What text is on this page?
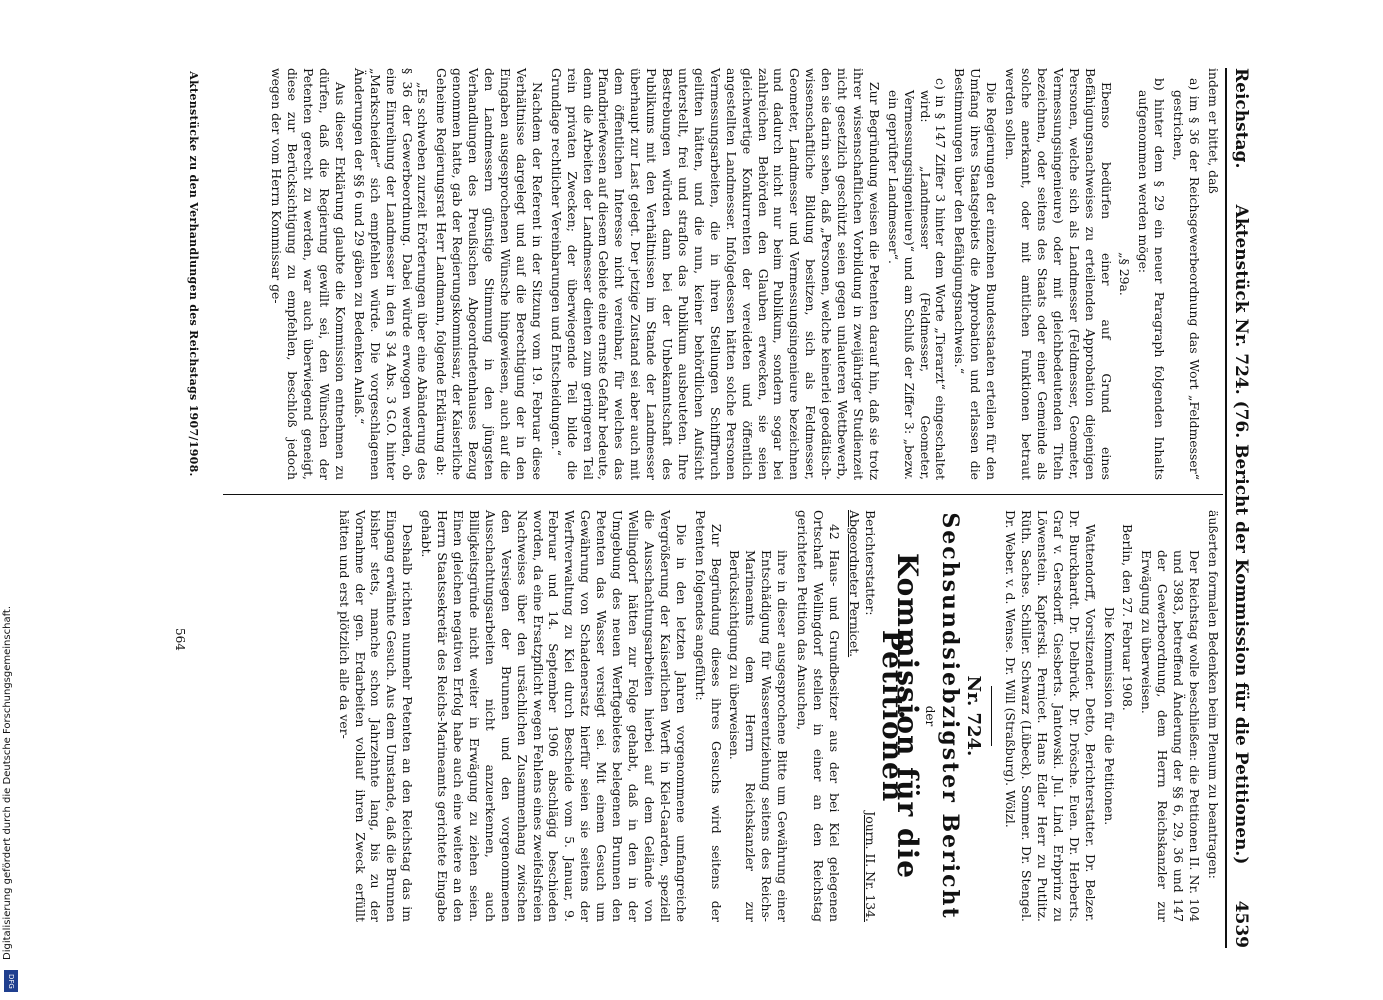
Digitalisierung gefördert durch die Deutsche Forschungsgemeinschaft.
DFG
Reichstag.
Aktenstück Nr. 724. (76. Bericht der Kommission für die Petitionen.)
4539

indem er bittet, daß

a) im § 36 der Reichsgewerbeordnung das Wort „Feldmesser“ gestrichen,

b) hinter dem § 29 ein neuer Paragraph folgenden Inhalts aufgenommen werden möge:

„§ 29a.

Ebenso bedürfen einer auf Grund eines Befähigungsnachweises zu erteilenden Approbation diejenigen Personen, welche sich als Landmesser (Feldmesser, Geometer, Vermessungsingenieure) oder mit gleichbedeutenden Titeln bezeichnen, oder seitens des Staats oder einer Gemeinde als solche anerkannt, oder mit amtlichen Funktionen betraut werden sollen.

Die Regierungen der einzelnen Bundesstaaten erteilen für den Umfang ihres Staatsgebiets die Approbation und erlassen die Bestimmungen über den Befähigungsnachweis.“

c) in § 147 Ziffer 3 hinter dem Worte „Tierarzt“ eingeschaltet wird: „Landmesser (Feldmesser, Geometer, Vermessungsingenieure)“ und am Schluß der Ziffer 3: „bezw. ein geprüfter Landmesser“.

Zur Begründung weisen die Petenten darauf hin, daß sie trotz ihrer wissenschaftlichen Vorbildung in zweijähriger Studienzeit nicht gesetzlich geschützt seien gegen unlauteren Wettbewerb, den sie darin sehen, daß „Personen, welche keinerlei geodätisch-wissenschaftliche Bildung besitzen, sich als Feldmesser, Geometer, Landmesser und Vermessungsingenieure bezeichnen und dadurch nicht nur beim Publikum, sondern sogar bei zahlreichen Behörden den Glauben erwecken, sie seien gleichwertige Konkurrenten der vereideten und öffentlich angestellten Landmesser. Infolgedessen hätten solche Personen Vermessungsarbeiten, die in ihren Stellungen Schiffbruch gelitten hätten, und die nun, keiner behördlichen Aufsicht unterstellt, frei und straflos das Publikum ausbeuteten. Ihre Bestrebungen würden dann bei der Unbekanntschaft des Publikums mit den Verhältnissen im Stande der Landmesser überhaupt zur Last gelegt. Der jetzige Zustand sei aber auch mit dem öffentlichen Interesse nicht vereinbar, für welches das Pfandbriefwesen auf diesem Gebiete eine ernste Gefahr bedeute, denn die Arbeiten der Landmesser dienten zum geringeren Teil rein privaten Zwecken; der überwiegende Teil bilde die Grundlage rechtlicher Vereinbarungen und Entscheidungen.“

Nachdem der Referent in der Sitzung vom 19. Februar diese Verhältnisse dargelegt und auf die Berechtigung der in den Eingaben ausgesprochenen Wünsche hingewiesen, auch auf die den Landmessern günstige Stimmung in den jüngsten Verhandlungen des Preußischen Abgeordnetenhauses Bezug genommen hatte, gab der Regierungskommissar, der Kaiserliche Geheime Regierungsrat Herr Landmann, folgende Erklärung ab:

„Es schweben zurzeit Erörterungen über eine Abänderung des § 36 der Gewerbeordnung. Dabei würde erwogen werden, ob eine Einreihung der Landmesser in den § 34 Abs. 3 G.O. hinter „Markscheider“ sich empfehlen würde. Die vorgeschlagenen Änderungen der §§ 6 und 29 gäben zu Bedenken Anlaß.“

Aus dieser Erklärung glaubte die Kommission entnehmen zu dürfen, daß die Regierung gewillt sei, den Wünschen der Petenten gerecht zu werden, war auch überwiegend geneigt, diese zur Berücksichtigung zu empfehlen, beschloß jedoch wegen der vom Herrn Kommissar ge-

äußerten formalen Bedenken beim Plenum zu beantragen:

Der Reichstag wolle beschließen: die Petitionen II. Nr. 104 und 3983, betreffend Änderung der §§ 6, 29, 36 und 147 der Gewerbeordnung, dem Herrn Reichskanzler zur Erwägung zu überweisen.

Berlin, den 27. Februar 1908.

Die Kommission für die Petitionen.

Wattendorff, Vorsitzender. Detto, Berichterstatter. Dr. Belzer. Dr. Burckhardt. Dr. Delbrück. Dr. Drösche. Euen. Dr. Herberts. Graf v. Gersdorff. Giesberts. Jantowski. Jul. Lind. Erbprinz zu Löwenstein. Kapferski. Pernicet. Hans Edler Herr zu Putlitz. Rüth. Sachse. Schiller. Schwarz (Lübeck). Sommer. Dr. Stengel. Dr. Weber. v. d. Wense. Dr. Will (Straßburg). Wölzl.

Nr. 724.
Sechsundsiebzigster Bericht
der
Kommission für die Petitionen
Berichterstatter:
Journ. II. Nr. 134.
Abgeordneter Pernicet.

42 Haus- und Grundbesitzer aus der bei Kiel gelegenen Ortschaft Wellingdorf stellen in einer an den Reichstag gerichteten Petition das Ansuchen,

ihre in dieser ausgesprochene Bitte um Gewährung einer Entschädigung für Wasserentziehung seitens des Reichs-Marineamts dem Herrn Reichskanzler zur Berücksichtigung zu überweisen.

Zur Begründung dieses ihres Gesuchs wird seitens der Petenten folgendes angeführt:

Die in den letzten Jahren vorgenommene umfangreiche Vergrößerung der Kaiserlichen Werft in Kiel-Gaarden, speziell die Ausschachtungsarbeiten hierbei auf dem Gelände von Wellingdorf hätten zur Folge gehabt, daß in den in der Umgebung des neuen Werftgebietes belegenen Brunnen den Petenten das Wasser versiegt sei. Mit einem Gesuch um Gewährung von Schadenersatz hierfür seien sie seitens der Werftverwaltung zu Kiel durch Bescheide vom 5. Januar, 9. Februar und 14. September 1906 abschlägig beschieden worden, da eine Ersatzpflicht wegen Fehlens eines zweifelsfreien Nachweises über den ursächlichen Zusammenhang zwischen den Versiegen der Brunnen und den vorgenommenen Ausschachtungsarbeiten nicht anzuerkennen, auch Billigkeitsgründe nicht weiter in Erwägung zu ziehen seien. Einen gleichen negativen Erfolg habe auch eine weitere an den Herrn Staatssekretär des Reichs-Marineamts gerichtete Eingabe gehabt.

Deshalb richten nunmehr Petenten an den Reichstag das im Eingang erwähnte Gesuch. Aus dem Umstande, daß die Brunnen bisher stets, manche schon Jahrzehnte lang, bis zu der Vornahme der gen. Erdarbeiten vollauf ihren Zweck erfüllt hätten und erst plötzlich alle da ver-

Aktenstücke zu den Verhandlungen des Reichstags 1907/1908.
564
